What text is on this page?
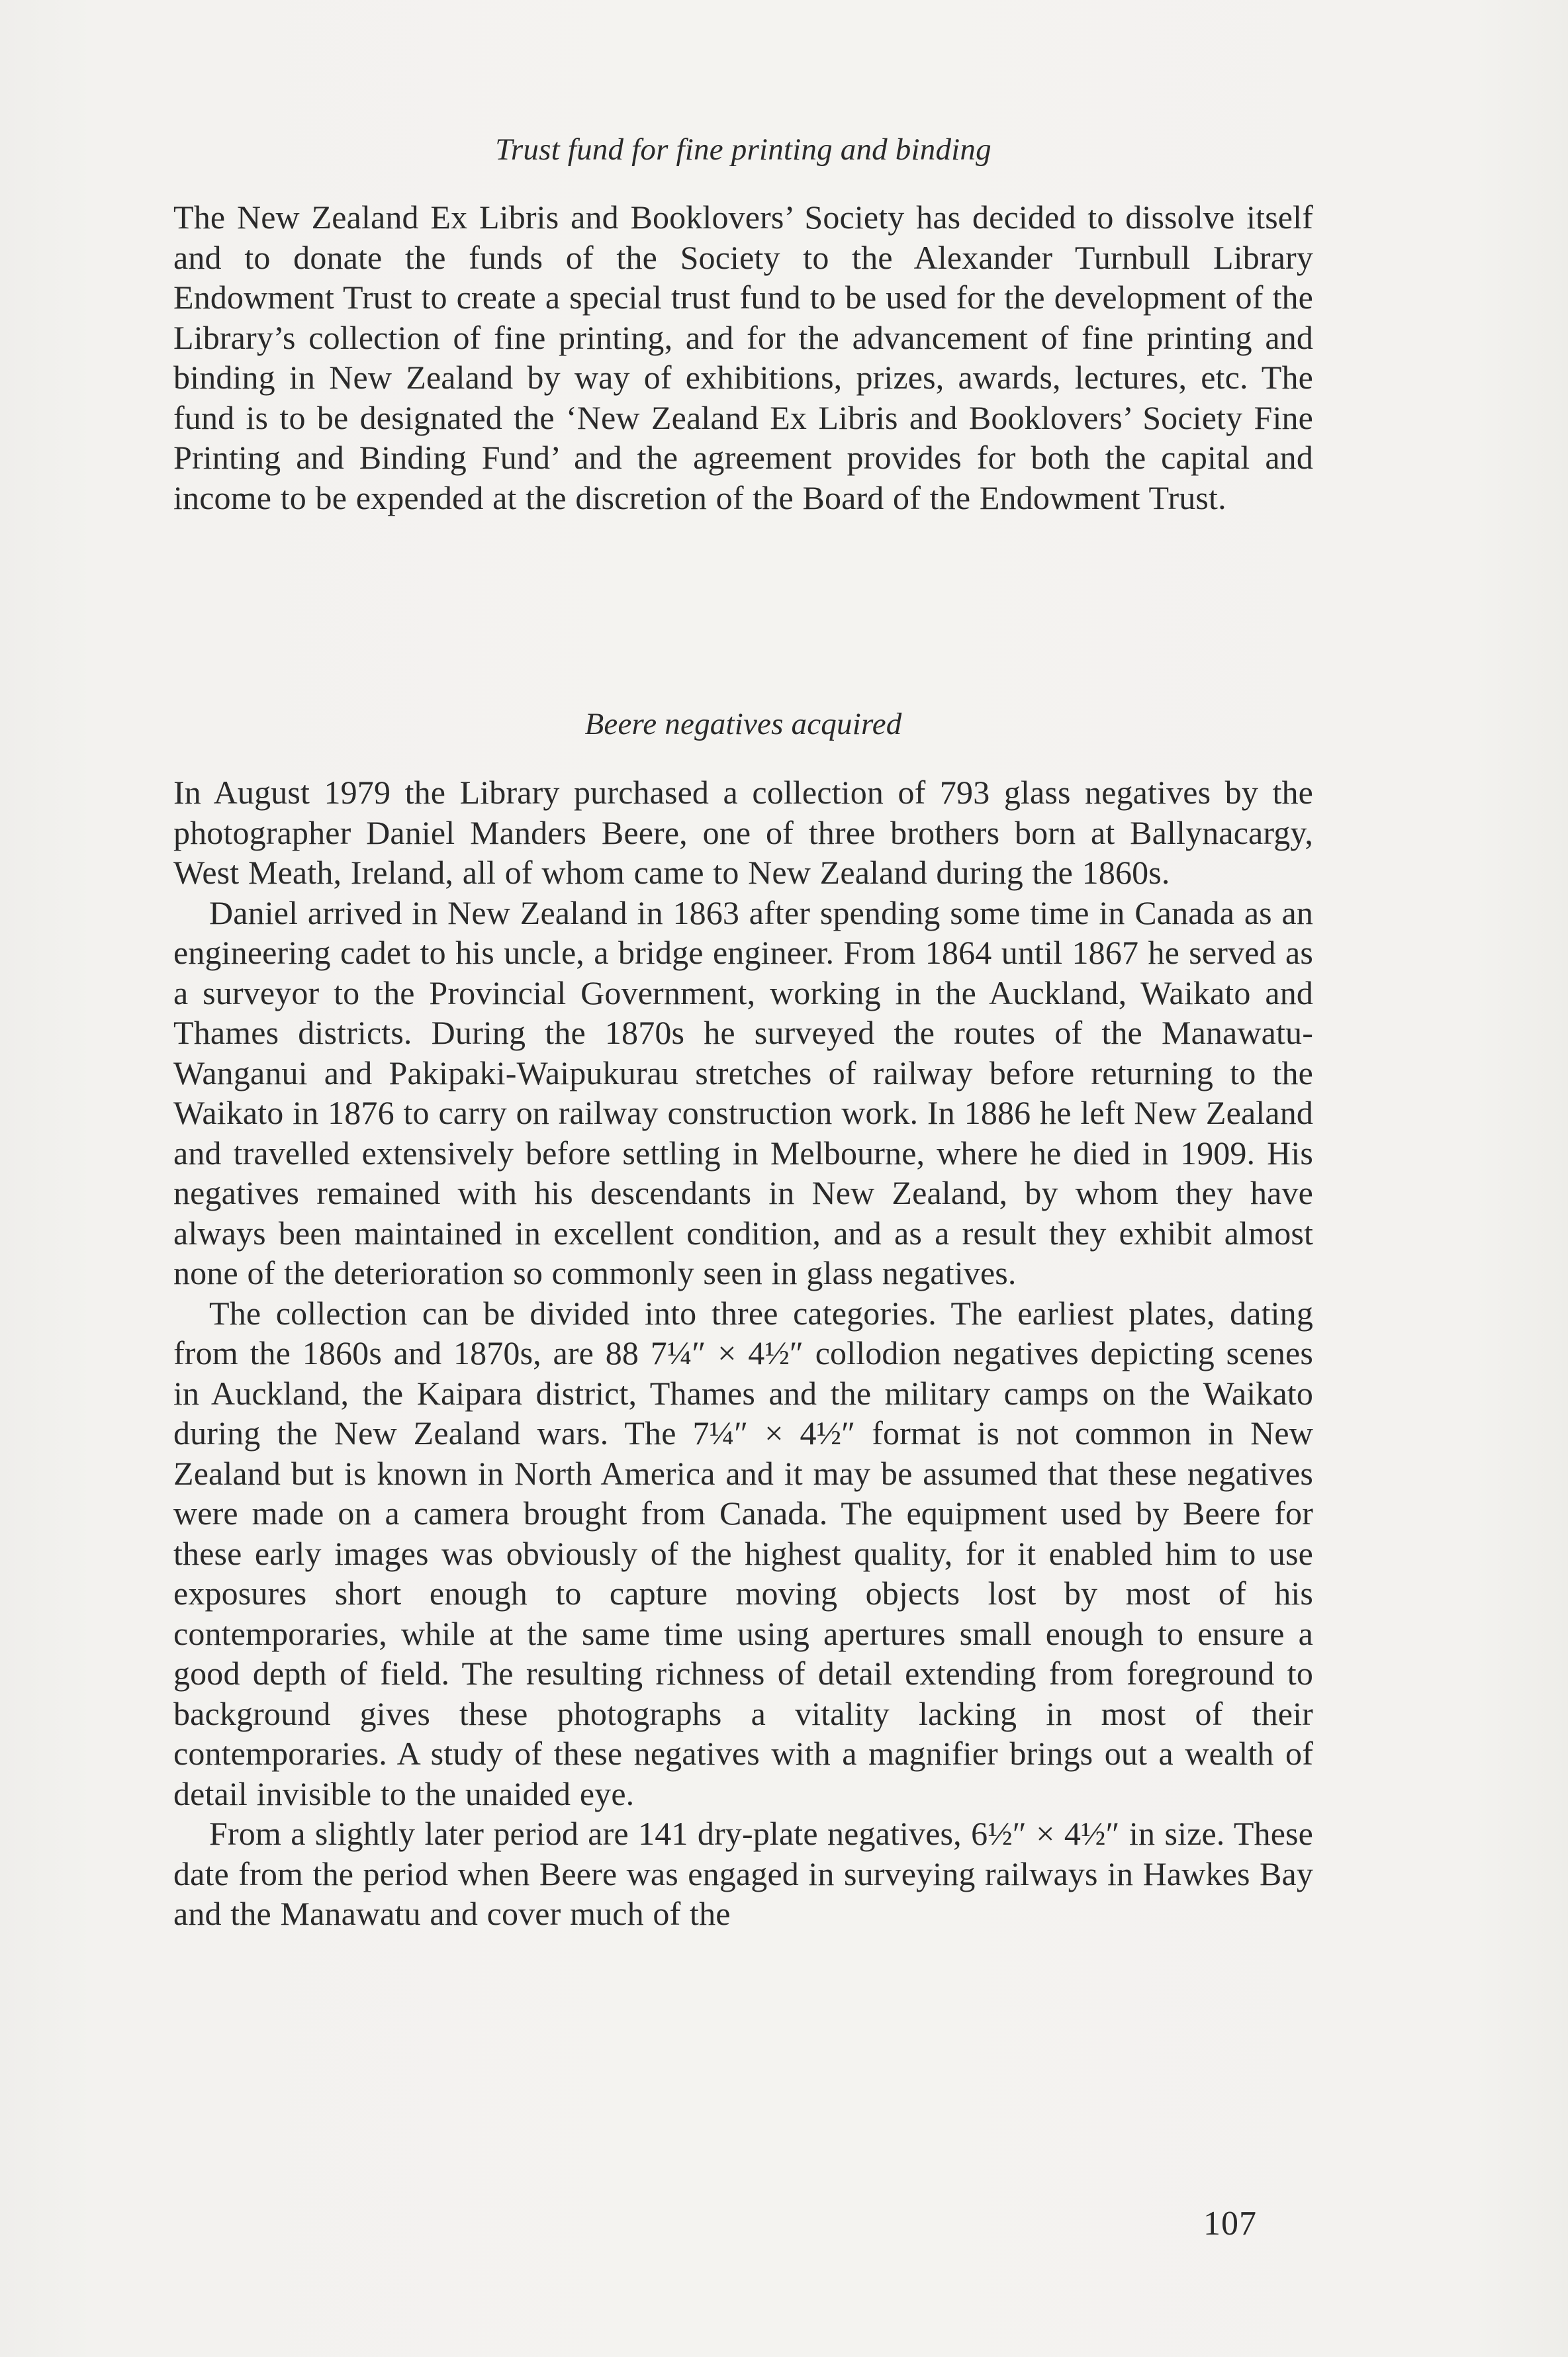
Trust fund for fine printing and binding

The New Zealand Ex Libris and Booklovers’ Society has decided to dissolve itself and to donate the funds of the Society to the Alexander Turnbull Library Endowment Trust to create a special trust fund to be used for the development of the Library’s collection of fine printing, and for the advancement of fine printing and binding in New Zealand by way of exhibitions, prizes, awards, lectures, etc. The fund is to be designated the ‘New Zealand Ex Libris and Booklovers’ Society Fine Printing and Binding Fund’ and the agreement provides for both the capital and income to be expended at the discretion of the Board of the Endowment Trust.

Beere negatives acquired

In August 1979 the Library purchased a collection of 793 glass negatives by the photographer Daniel Manders Beere, one of three brothers born at Ballynacargy, West Meath, Ireland, all of whom came to New Zealand during the 1860s.

Daniel arrived in New Zealand in 1863 after spending some time in Canada as an engineering cadet to his uncle, a bridge engineer. From 1864 until 1867 he served as a surveyor to the Provincial Government, working in the Auckland, Waikato and Thames districts. During the 1870s he surveyed the routes of the Manawatu-Wanganui and Pakipaki-Waipukurau stretches of railway before returning to the Waikato in 1876 to carry on railway construction work. In 1886 he left New Zealand and travelled extensively before settling in Melbourne, where he died in 1909. His negatives remained with his descendants in New Zealand, by whom they have always been maintained in excellent condition, and as a result they exhibit almost none of the deterioration so commonly seen in glass negatives.

The collection can be divided into three categories. The earliest plates, dating from the 1860s and 1870s, are 88 7¼″ × 4½″ collodion negatives depicting scenes in Auckland, the Kaipara district, Thames and the military camps on the Waikato during the New Zealand wars. The 7¼″ × 4½″ format is not common in New Zealand but is known in North America and it may be assumed that these negatives were made on a camera brought from Canada. The equipment used by Beere for these early images was obviously of the highest quality, for it enabled him to use exposures short enough to capture moving objects lost by most of his contemporaries, while at the same time using apertures small enough to ensure a good depth of field. The resulting richness of detail extending from foreground to background gives these photographs a vitality lacking in most of their contemporaries. A study of these negatives with a magnifier brings out a wealth of detail invisible to the unaided eye.

From a slightly later period are 141 dry-plate negatives, 6½″ × 4½″ in size. These date from the period when Beere was engaged in surveying railways in Hawkes Bay and the Manawatu and cover much of the

107
